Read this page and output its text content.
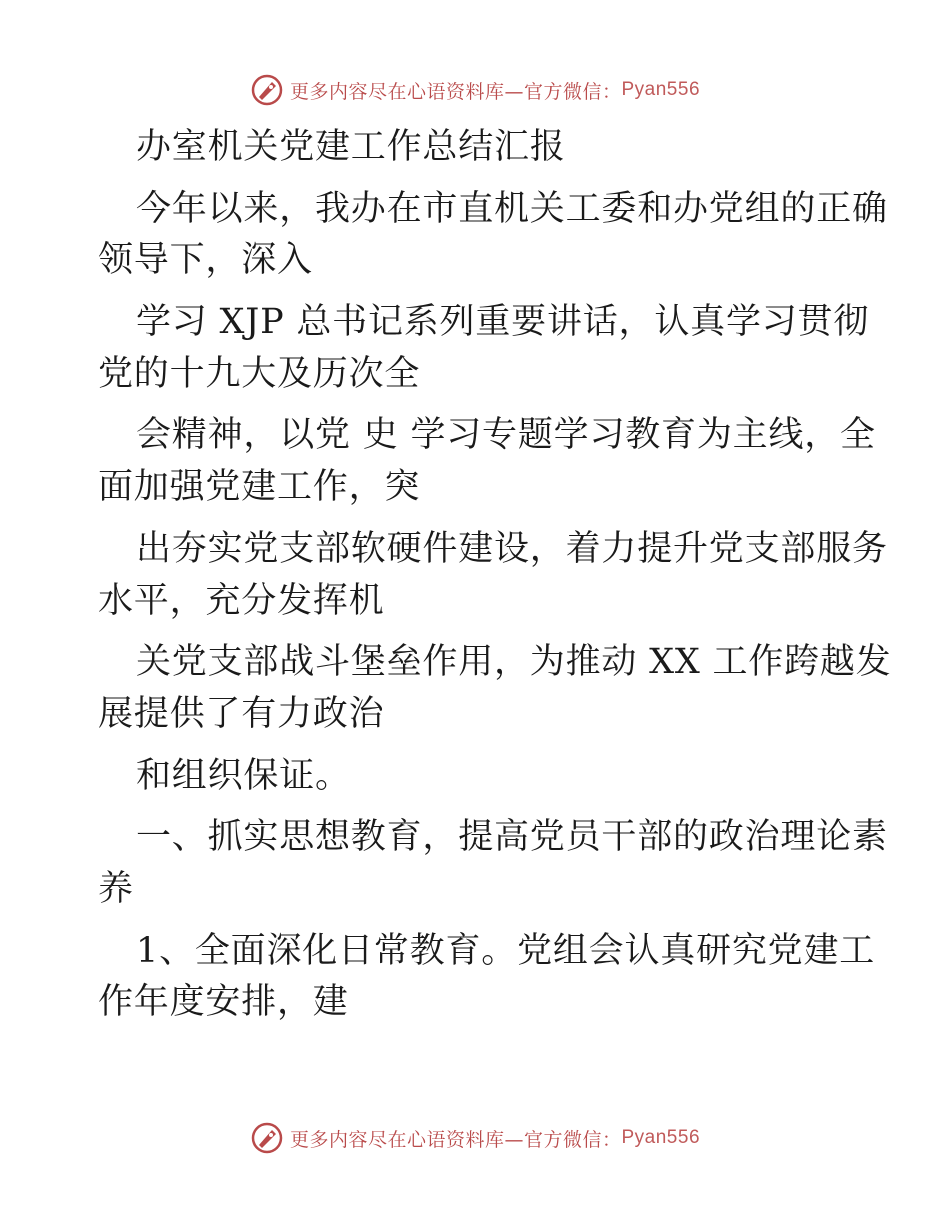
更多内容尽在心语资料库—官方微信： Pyan556
办室机关党建工作总结汇报
今年以来，我办在市直机关工委和办党组的正确
领导下，深入
学习 XJP 总书记系列重要讲话，认真学习贯彻
党的十九大及历次全
会精神，以党 史 学习专题学习教育为主线，全
面加强党建工作，突
出夯实党支部软硬件建设，着力提升党支部服务
水平，充分发挥机
关党支部战斗堡垒作用，为推动 XX 工作跨越发
展提供了有力政治
和组织保证。
一、抓实思想教育，提高党员干部的政治理论素
养
1、全面深化日常教育。党组会认真研究党建工
作年度安排，建
更多内容尽在心语资料库—官方微信： Pyan556
